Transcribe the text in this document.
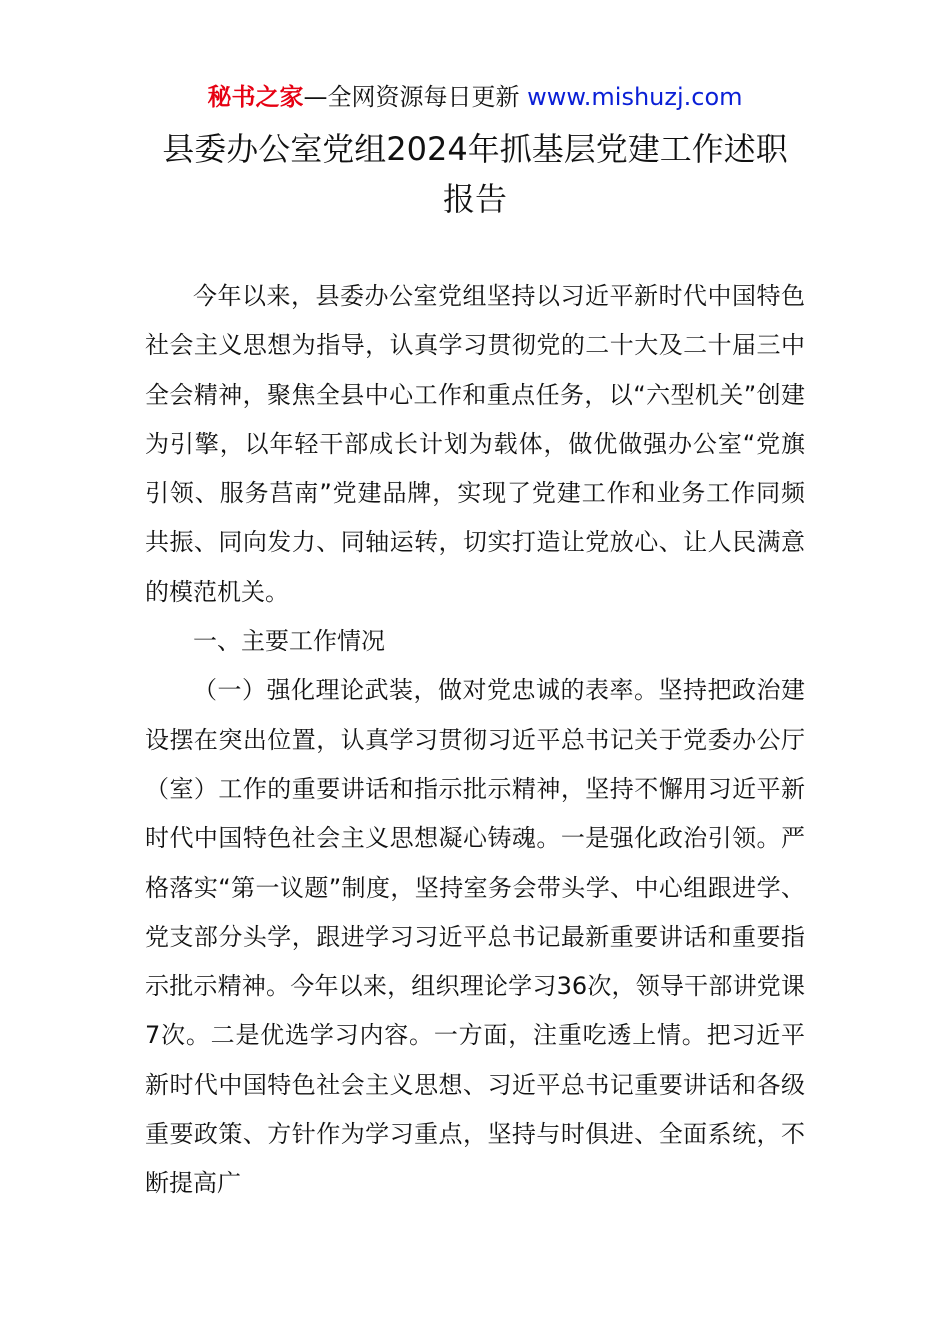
秘书之家—全网资源每日更新 www.mishuzj.com
县委办公室党组2024年抓基层党建工作述职
报告

今年以来，县委办公室党组坚持以习近平新时代中国特色社会主义思想为指导，认真学习贯彻党的二十大及二十届三中全会精神，聚焦全县中心工作和重点任务，以“六型机关”创建为引擎，以年轻干部成长计划为载体，做优做强办公室“党旗引领、服务莒南”党建品牌，实现了党建工作和业务工作同频共振、同向发力、同轴运转，切实打造让党放心、让人民满意的模范机关。

一、主要工作情况

（一）强化理论武装，做对党忠诚的表率。坚持把政治建设摆在突出位置，认真学习贯彻习近平总书记关于党委办公厅（室）工作的重要讲话和指示批示精神，坚持不懈用习近平新时代中国特色社会主义思想凝心铸魂。一是强化政治引领。严格落实“第一议题”制度，坚持室务会带头学、中心组跟进学、党支部分头学，跟进学习习近平总书记最新重要讲话和重要指示批示精神。今年以来，组织理论学习36次，领导干部讲党课7次。二是优选学习内容。一方面，注重吃透上情。把习近平新时代中国特色社会主义思想、习近平总书记重要讲话和各级重要政策、方针作为学习重点，坚持与时俱进、全面系统，不断提高广
